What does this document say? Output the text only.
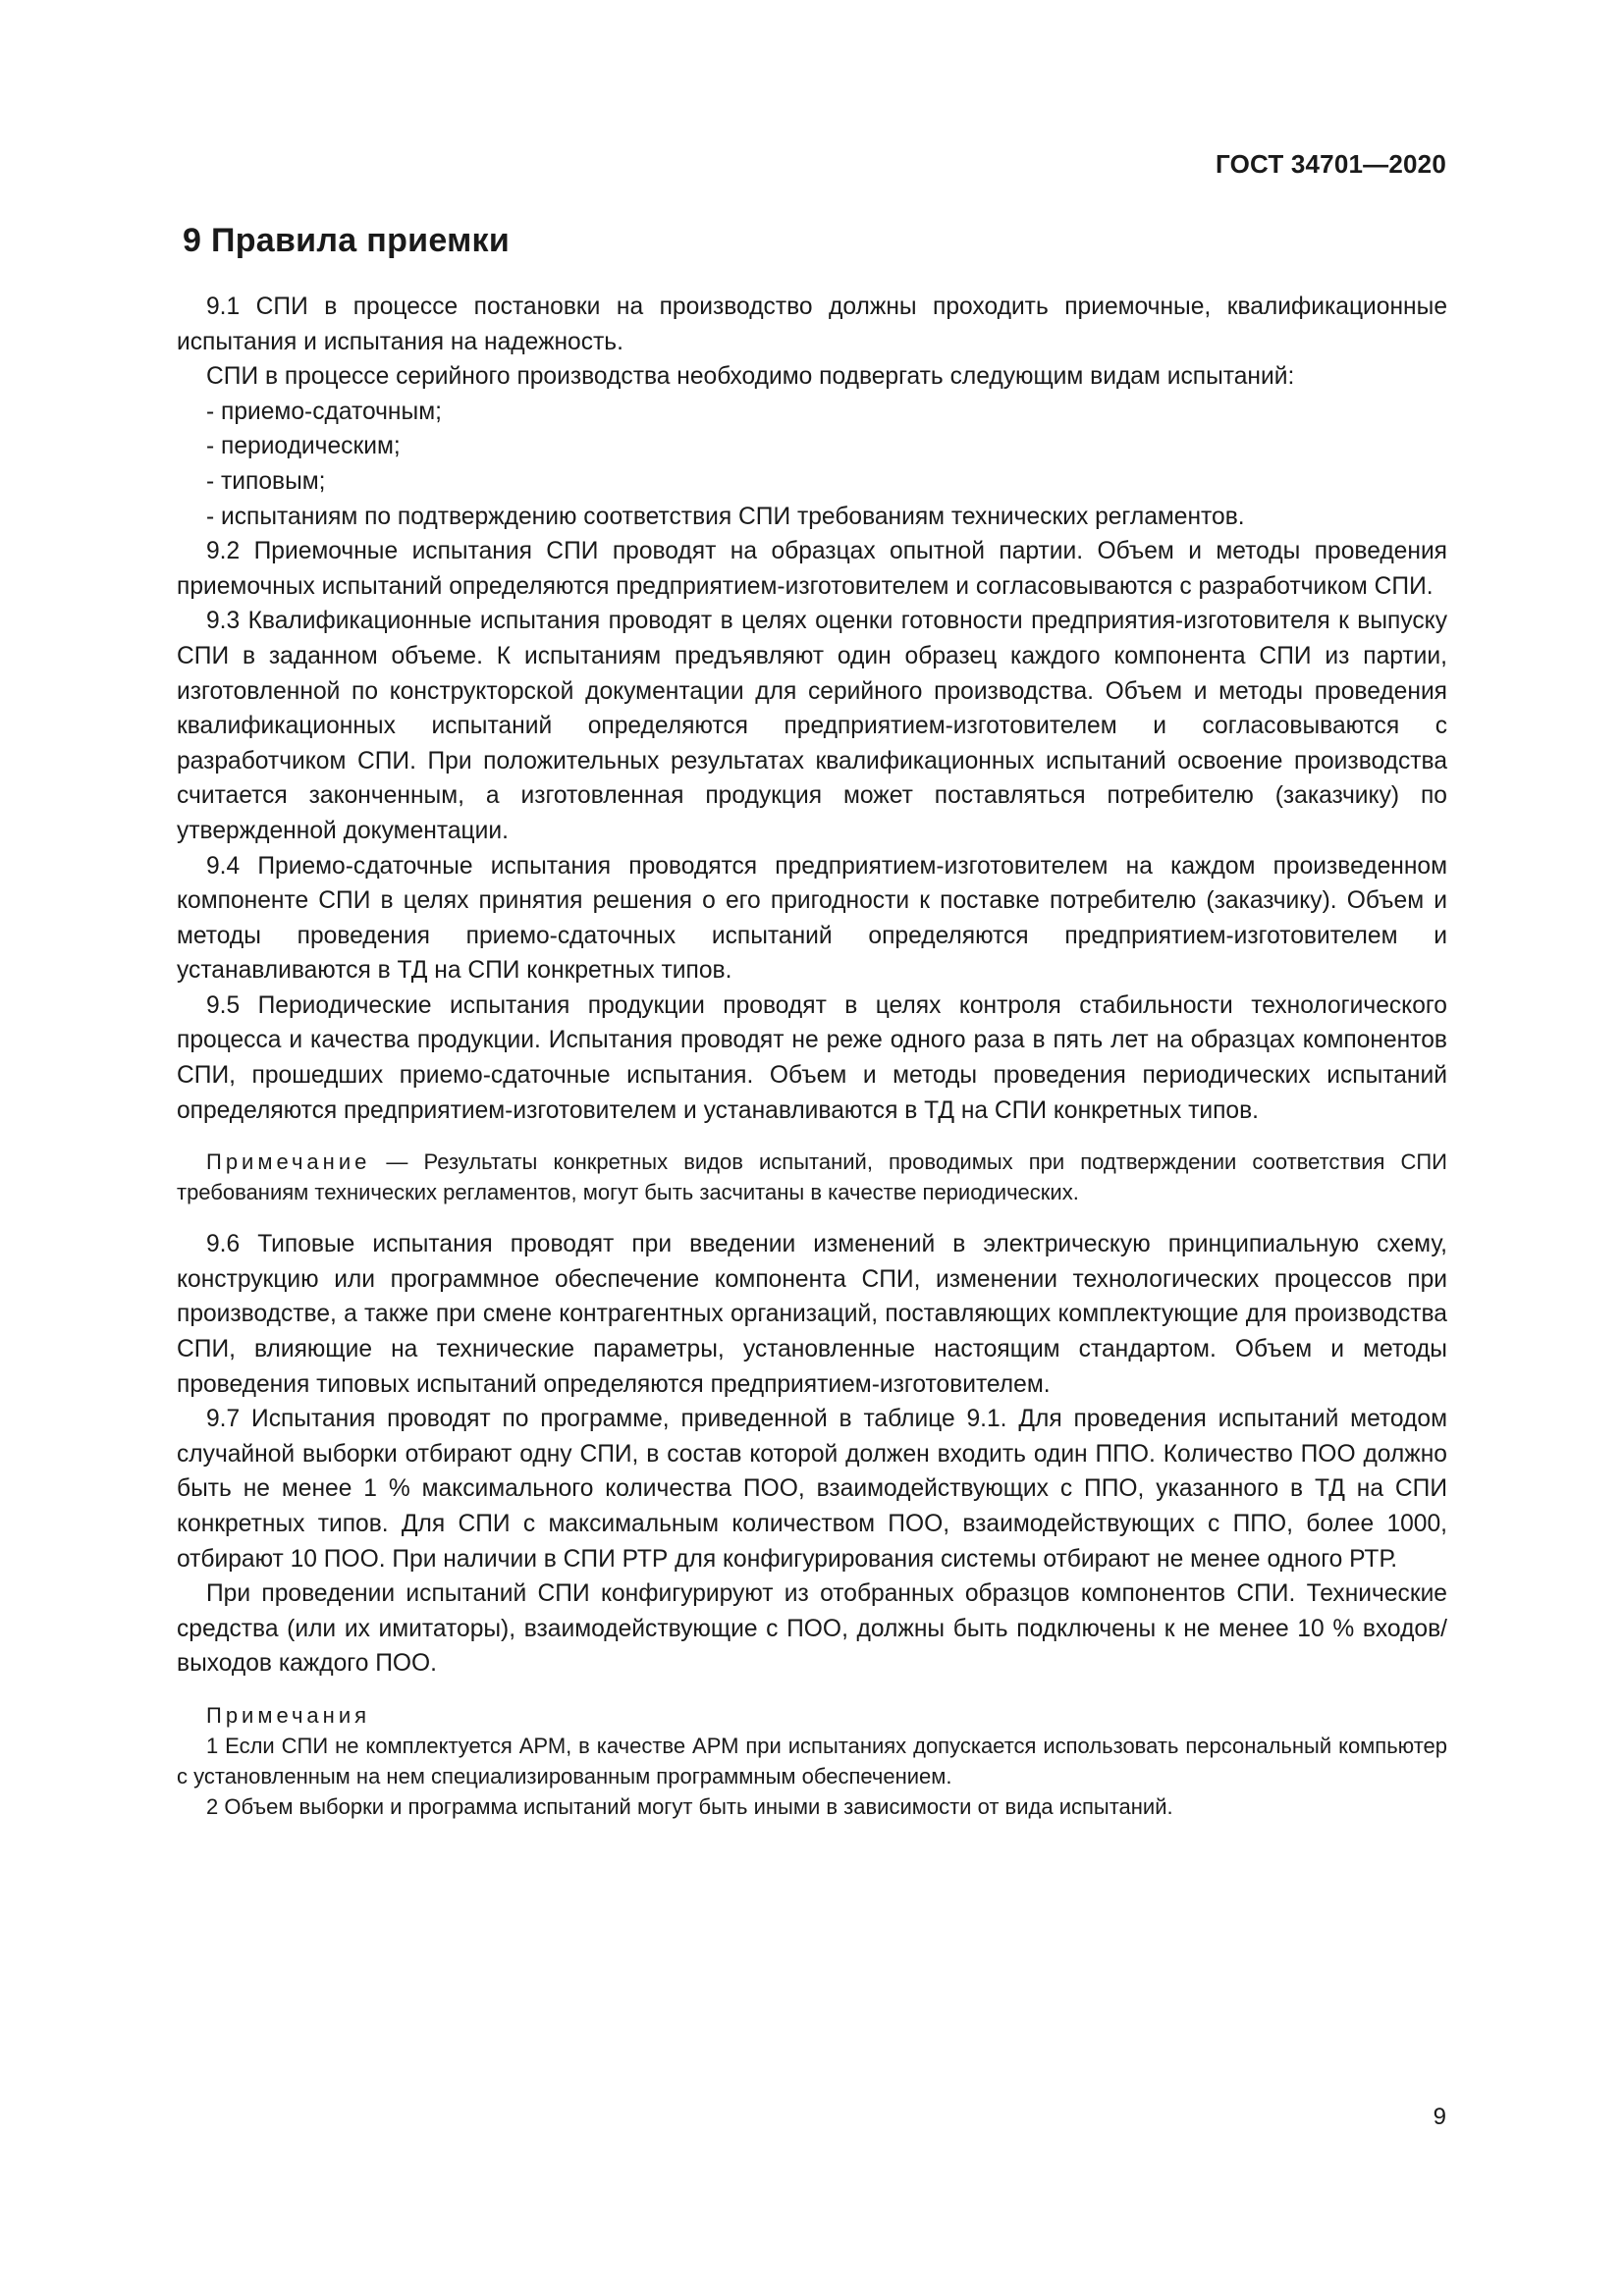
ГОСТ 34701—2020
9 Правила приемки

9.1 СПИ в процессе постановки на производство должны проходить приемочные, квалификационные испытания и испытания на надежность.

СПИ в процессе серийного производства необходимо подвергать следующим видам испытаний:

- приемо-сдаточным;

- периодическим;

- типовым;

- испытаниям по подтверждению соответствия СПИ требованиям технических регламентов.

9.2 Приемочные испытания СПИ проводят на образцах опытной партии. Объем и методы проведения приемочных испытаний определяются предприятием-изготовителем и согласовываются с разработчиком СПИ.

9.3 Квалификационные испытания проводят в целях оценки готовности предприятия-изготовителя к выпуску СПИ в заданном объеме. К испытаниям предъявляют один образец каждого компонента СПИ из партии, изготовленной по конструкторской документации для серийного производства. Объем и методы проведения квалификационных испытаний определяются предприятием-изготовителем и согласовываются с разработчиком СПИ. При положительных результатах квалификационных испытаний освоение производства считается законченным, а изготовленная продукция может поставляться потребителю (заказчику) по утвержденной документации.

9.4 Приемо-сдаточные испытания проводятся предприятием-изготовителем на каждом произведенном компоненте СПИ в целях принятия решения о его пригодности к поставке потребителю (заказчику). Объем и методы проведения приемо-сдаточных испытаний определяются предприятием-изготовителем и устанавливаются в ТД на СПИ конкретных типов.

9.5 Периодические испытания продукции проводят в целях контроля стабильности технологического процесса и качества продукции. Испытания проводят не реже одного раза в пять лет на образцах компонентов СПИ, прошедших приемо-сдаточные испытания. Объем и методы проведения периодических испытаний определяются предприятием-изготовителем и устанавливаются в ТД на СПИ конкретных типов.

Примечание — Результаты конкретных видов испытаний, проводимых при подтверждении соответствия СПИ требованиям технических регламентов, могут быть засчитаны в качестве периодических.

9.6 Типовые испытания проводят при введении изменений в электрическую принципиальную схему, конструкцию или программное обеспечение компонента СПИ, изменении технологических процессов при производстве, а также при смене контрагентных организаций, поставляющих комплектующие для производства СПИ, влияющие на технические параметры, установленные настоящим стандартом. Объем и методы проведения типовых испытаний определяются предприятием-изготовителем.

9.7 Испытания проводят по программе, приведенной в таблице 9.1. Для проведения испытаний методом случайной выборки отбирают одну СПИ, в состав которой должен входить один ППО. Количество ПОО должно быть не менее 1 % максимального количества ПОО, взаимодействующих с ППО, указанного в ТД на СПИ конкретных типов. Для СПИ с максимальным количеством ПОО, взаимодействующих с ППО, более 1000, отбирают 10 ПОО. При наличии в СПИ РТР для конфигурирования системы отбирают не менее одного РТР.

При проведении испытаний СПИ конфигурируют из отобранных образцов компонентов СПИ. Технические средства (или их имитаторы), взаимодействующие с ПОО, должны быть подключены к не менее 10 % входов/выходов каждого ПОО.

Примечания

1 Если СПИ не комплектуется АРМ, в качестве АРМ при испытаниях допускается использовать персональный компьютер с установленным на нем специализированным программным обеспечением.

2 Объем выборки и программа испытаний могут быть иными в зависимости от вида испытаний.

9
